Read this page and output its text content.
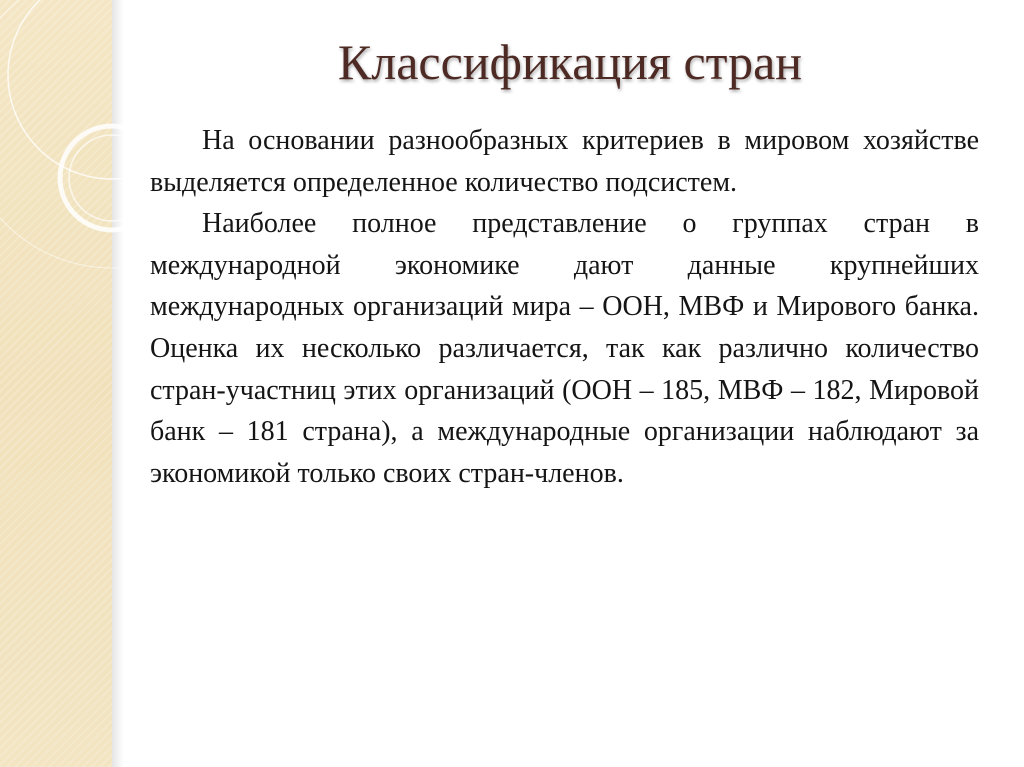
Классификация стран

На основании разнообразных критериев в мировом хозяйстве выделяется определенное количество подсистем.

Наиболее полное представление о группах стран в международной экономике дают данные крупнейших международных организаций мира – ООН, МВФ и Мирового банка. Оценка их несколько различается, так как различно количество стран-участниц этих организаций (ООН – 185, МВФ – 182, Мировой банк – 181 страна), а международные организации наблюдают за экономикой только своих стран-членов.
